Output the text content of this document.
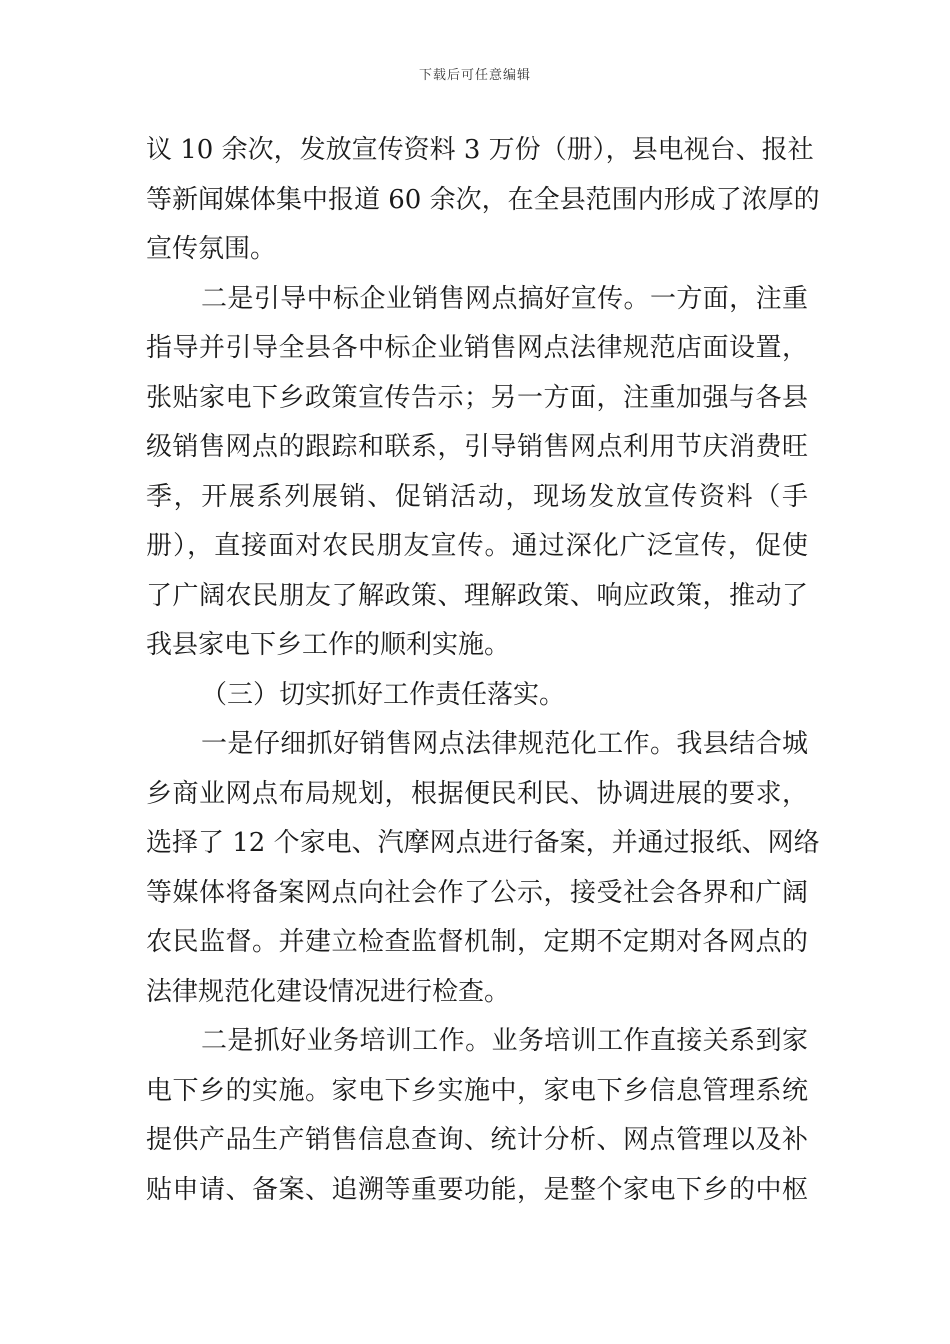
下载后可任意编辑
议 10 余次，发放宣传资料 3 万份（册），县电视台、报社
等新闻媒体集中报道 60 余次，在全县范围内形成了浓厚的
宣传氛围。
二是引导中标企业销售网点搞好宣传。一方面，注重
指导并引导全县各中标企业销售网点法律规范店面设置，
张贴家电下乡政策宣传告示；另一方面，注重加强与各县
级销售网点的跟踪和联系，引导销售网点利用节庆消费旺
季，开展系列展销、促销活动，现场发放宣传资料（手
册），直接面对农民朋友宣传。通过深化广泛宣传，促使
了广阔农民朋友了解政策、理解政策、响应政策，推动了
我县家电下乡工作的顺利实施。
（三）切实抓好工作责任落实。
一是仔细抓好销售网点法律规范化工作。我县结合城
乡商业网点布局规划，根据便民利民、协调进展的要求，
选择了 12 个家电、汽摩网点进行备案，并通过报纸、网络
等媒体将备案网点向社会作了公示，接受社会各界和广阔
农民监督。并建立检查监督机制，定期不定期对各网点的
法律规范化建设情况进行检查。
二是抓好业务培训工作。业务培训工作直接关系到家
电下乡的实施。家电下乡实施中，家电下乡信息管理系统
提供产品生产销售信息查询、统计分析、网点管理以及补
贴申请、备案、追溯等重要功能，是整个家电下乡的中枢
